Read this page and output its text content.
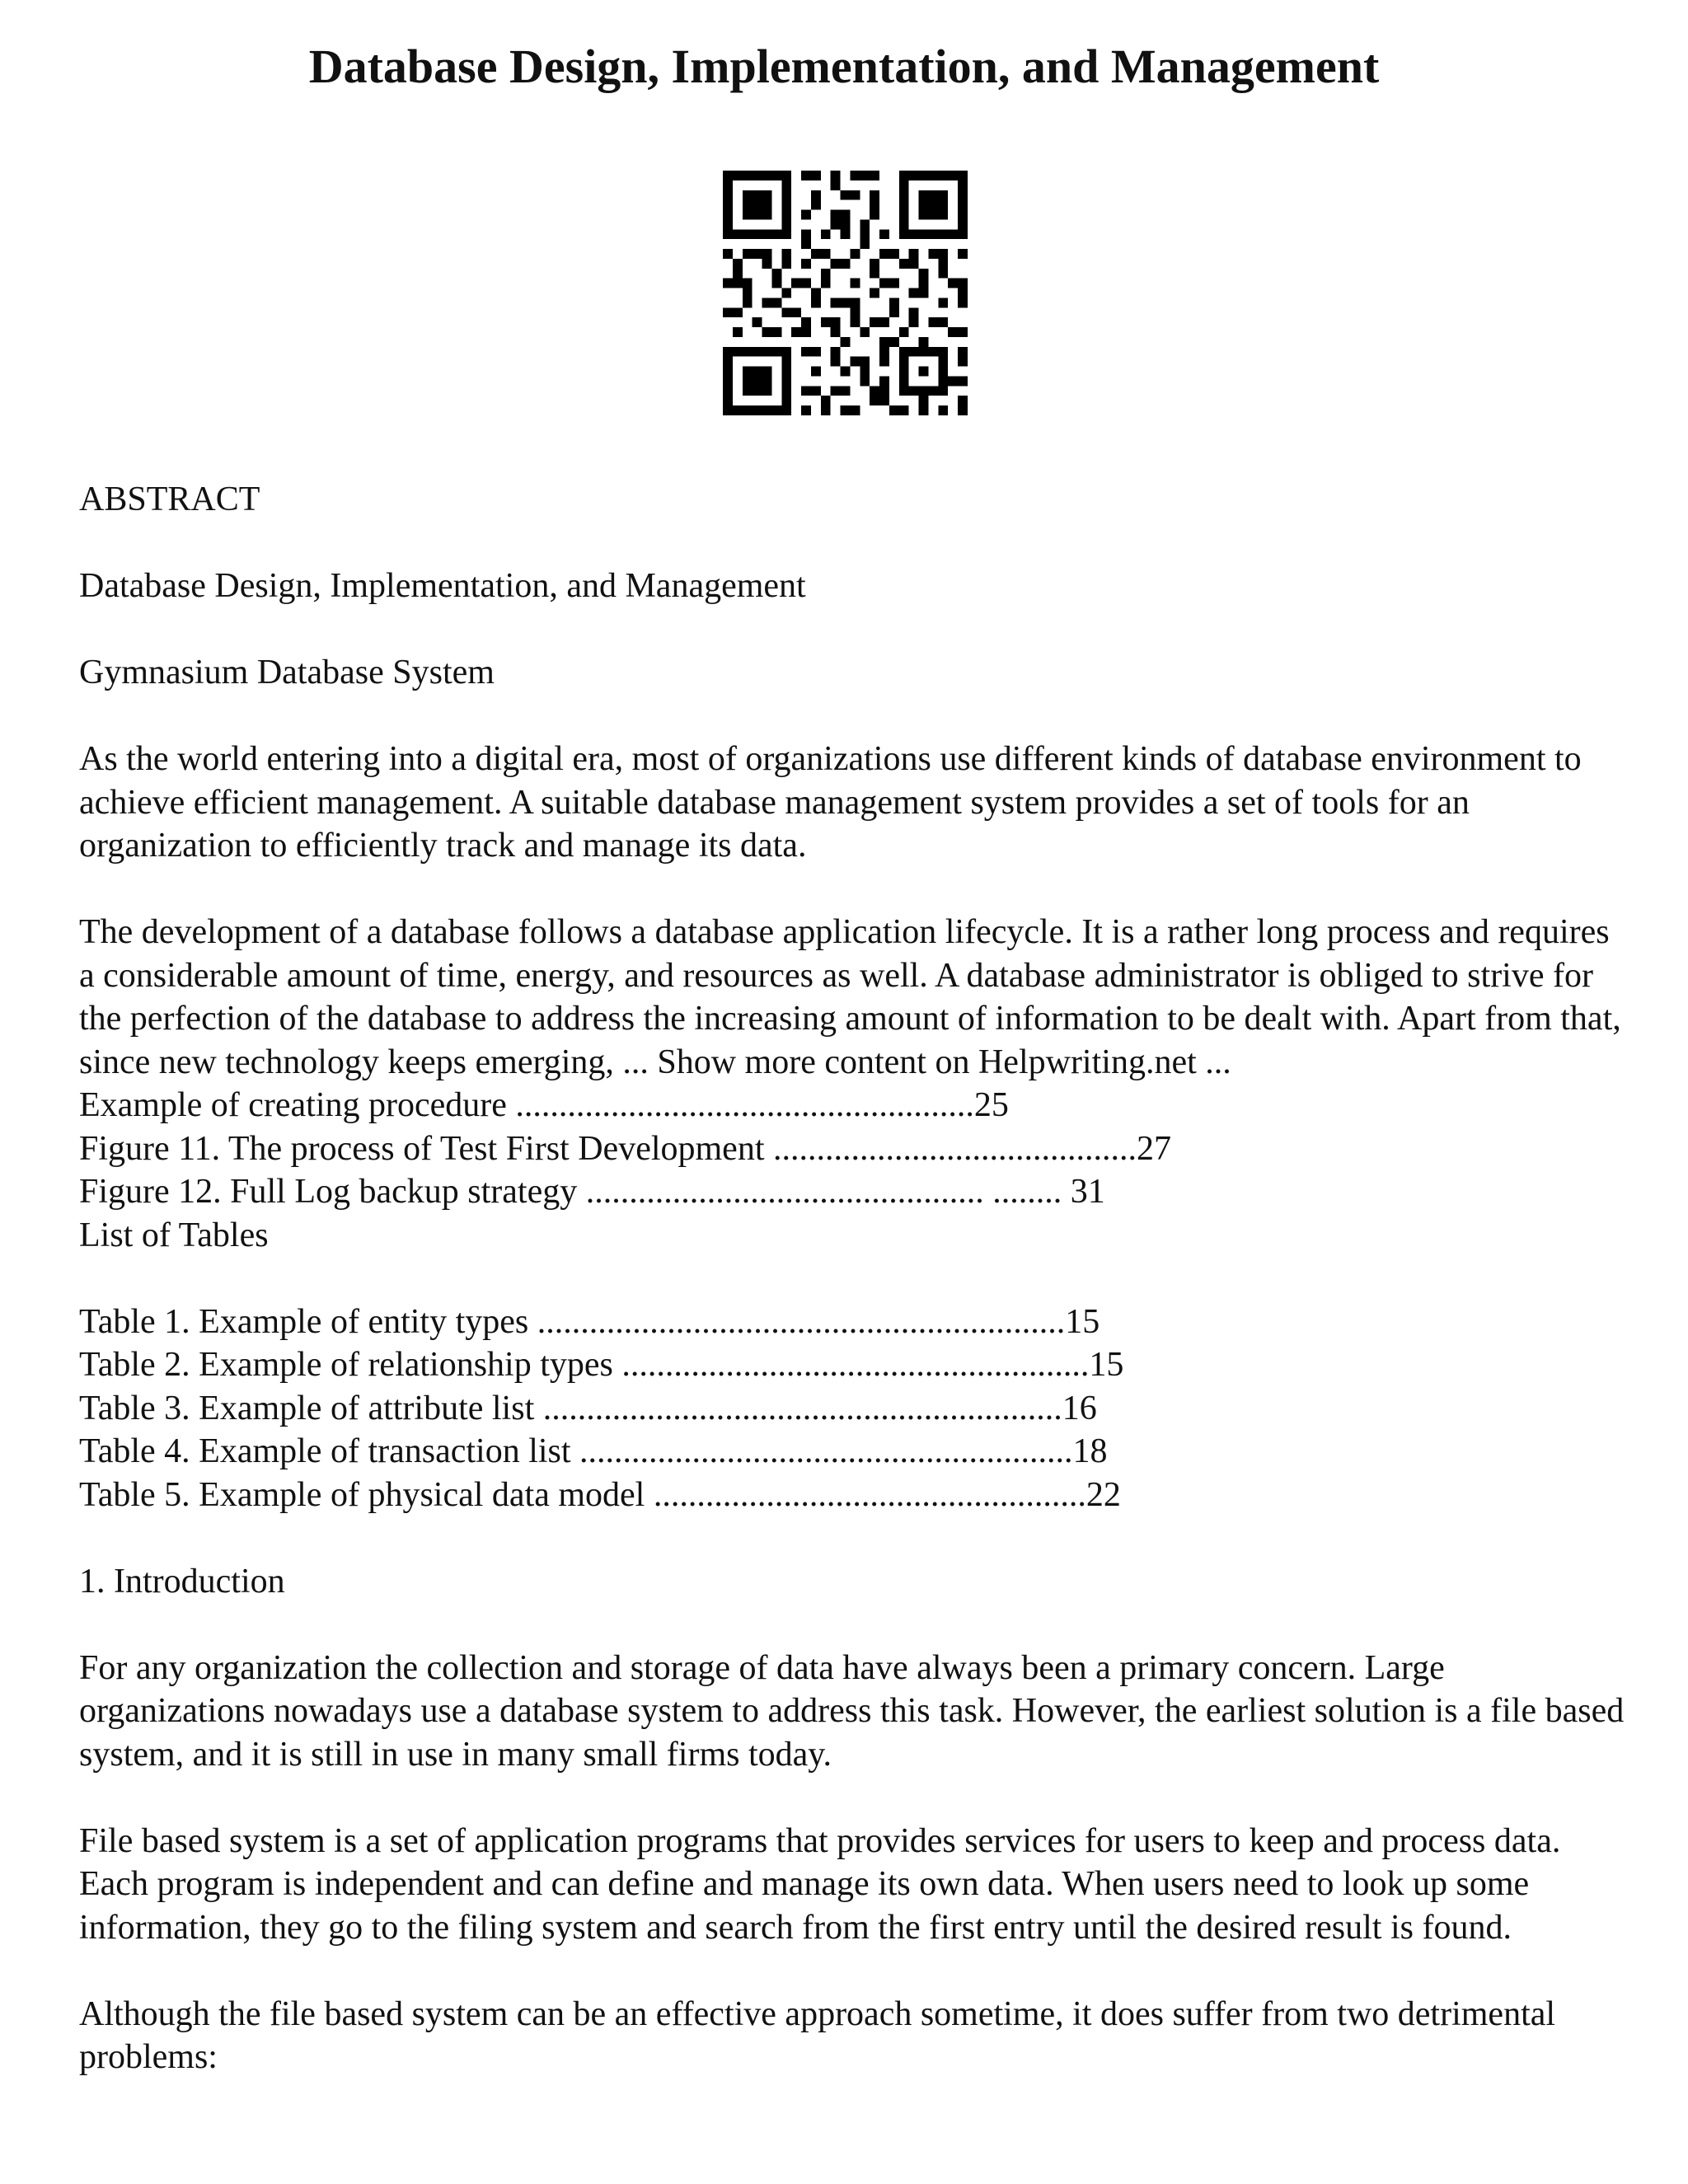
Database Design, Implementation, and Management

ABSTRACT

Database Design, Implementation, and Management

Gymnasium Database System

As the world entering into a digital era, most of organizations use different kinds of database environment to achieve efficient management. A suitable database management system provides a set of tools for an organization to efficiently track and manage its data.

The development of a database follows a database application lifecycle. It is a rather long process and requires a considerable amount of time, energy, and resources as well. A database administrator is obliged to strive for the perfection of the database to address the increasing amount of information to be dealt with. Apart from that, since new technology keeps emerging, ... Show more content on Helpwriting.net ...

Example of creating procedure .....................................................25

Figure 11. The process of Test First Development ..........................................27

Figure 12. Full Log backup strategy .............................................. ........ 31

List of Tables

Table 1. Example of entity types .............................................................15

Table 2. Example of relationship types ......................................................15

Table 3. Example of attribute list ............................................................16

Table 4. Example of transaction list .........................................................18

Table 5. Example of physical data model ..................................................22

1. Introduction

For any organization the collection and storage of data have always been a primary concern. Large organizations nowadays use a database system to address this task. However, the earliest solution is a file based system, and it is still in use in many small firms today.

File based system is a set of application programs that provides services for users to keep and process data. Each program is independent and can define and manage its own data. When users need to look up some information, they go to the filing system and search from the first entry until the desired result is found.

Although the file based system can be an effective approach sometime, it does suffer from two detrimental problems:
